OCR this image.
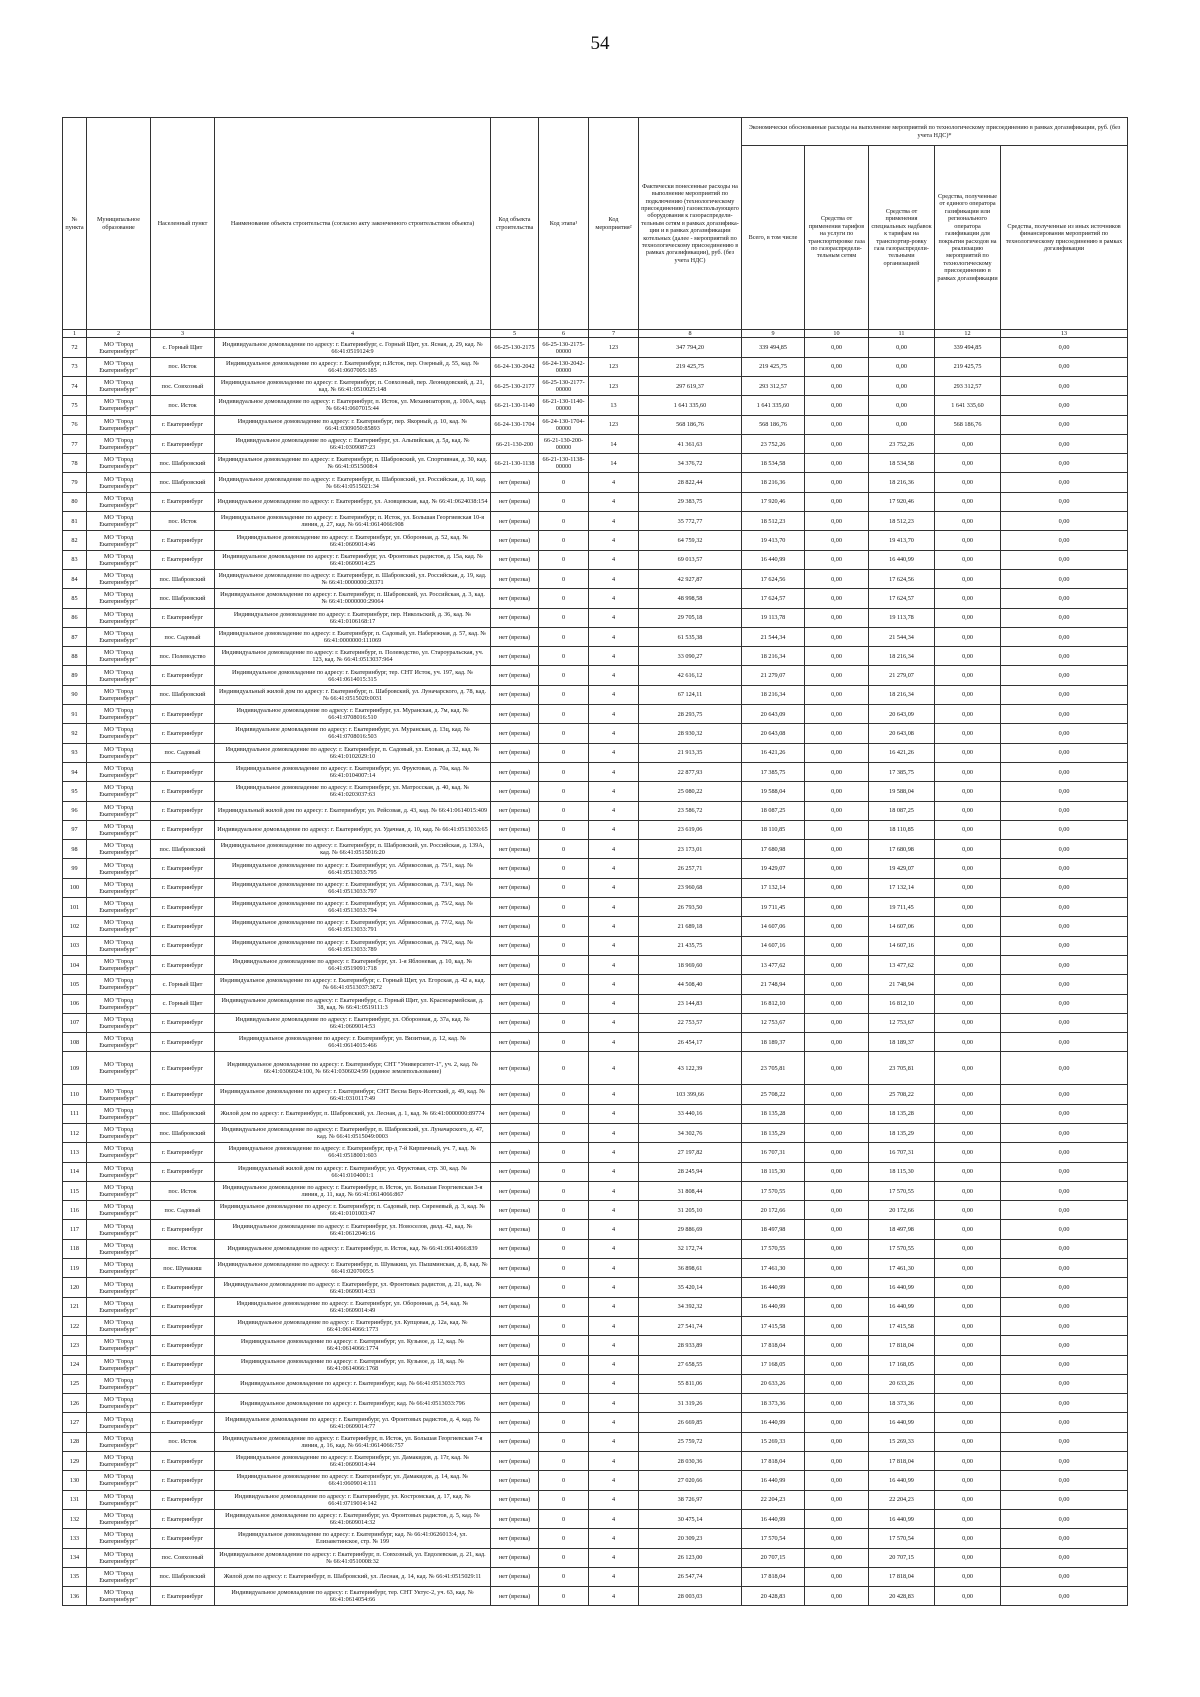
54
№ пункта	Муниципальное образование	Населенный пункт	Наименование объекта строительства (согласно акту законченного строительством объекта)	Код объекта строительства	Код этапа¹	Код мероприятия²	Фактически понесенные расходы на выполнение мероприятий по подключению (технологическому присоединению) газоиспользующего оборудования к газораспредели-тельным сетям в рамках догазифика-ции и в рамках догазификации котельных (далее - мероприятий по технологическому присоединению в рамках догазификации), руб. (без учета НДС)	Экономически обоснованные расходы на выполнение мероприятий по технологическому присоединению в рамках догазификации, руб. (без учета НДС)*				
								Всего, в том числе	Средства от применения тарифов на услуги по транспортировке газа по газораспредели-тельным сетям	Средства от применения специальных надбавок к тарифам на транспортир-ровку газа газораспредели-тельными организацией	Средства, полученные от единого оператора газификации или регионального оператора газификации для покрытия расходов на реализацию мероприятий по технологическому присоединению в рамках догазификации	Средства, полученные из иных источников финансирования мероприятий по технологическому присоединению в рамках догазификации
1	2	3	4	5	6	7	8	9	10	11	12	13
72	МО "Город Екатеринбург"	с. Горный Щит	Индивидуальное домовладение по адресу: г. Екатеринбург, с. Горный Щит, ул. Ясная, д. 29, кад. № 66:41:0519124:9	66-25-130-2175	66-25-130-2175-00000	123	347 794,20	339 494,85	0,00	0,00	339 494,85	0,00
73	МО "Город Екатеринбург"	пос. Исток	Индивидуальное домовладение по адресу: г. Екатеринбург, п.Исток, пер. Озерный, д. 55, кад. № 66:41:0607005:185	66-24-130-2042	66-24-130-2042-00000	123	219 425,75	219 425,75	0,00	0,00	219 425,75	0,00
74	МО "Город Екатеринбург"	пос. Совхозный	Индивидуальное домовладение по адресу: г. Екатеринбург, п. Совхозный, пер. Леонидовский, д. 21, кад. № 66:41:0510025:148	66-25-130-2177	66-25-130-2177-00000	123	297 619,37	293 312,57	0,00	0,00	293 312,57	0,00
75	МО "Город Екатеринбург"	пос. Исток	Индивидуальное домовладение по адресу: г. Екатеринбург, п. Исток, ул. Механизаторов, д. 100А, кад. № 66:41:0607015:44	66-21-130-1140	66-21-130-1140-00000	13	1 641 335,60	1 641 335,60	0,00	0,00	1 641 335,60	0,00
76	МО "Город Екатеринбург"	г. Екатеринбург	Индивидуальное домовладение по адресу: г. Екатеринбург, пер. Якорный, д. 10, кад. № 66:41:0309050:85893	66-24-130-1704	66-24-130-1704-00000	123	568 186,76	568 186,76	0,00	0,00	568 186,76	0,00
77	МО "Город Екатеринбург"	г. Екатеринбург	Индивидуальное домовладение по адресу: г. Екатеринбург, ул. Альпийская, д. 5д, кад. № 66:41:0309087:23	66-21-130-200	66-21-130-200-00000	14	41 361,63	23 752,26	0,00	23 752,26	0,00	0,00
78	МО "Город Екатеринбург"	пос. Шабровский	Индивидуальное домовладение по адресу: г. Екатеринбург, п. Шабровский, ул. Спортивная, д. 30, кад. № 66:41:0515008:4	66-21-130-1138	66-21-130-1138-00000	14	34 376,72	18 534,58	0,00	18 534,58	0,00	0,00
79	МО "Город Екатеринбург"	пос. Шабровский	Индивидуальное домовладение по адресу: г. Екатеринбург, п. Шабровский, ул. Российская, д. 10, кад. № 66:41:0515021:34	нет (врезка)	0	4	28 822,44	18 216,36	0,00	18 216,36	0,00	0,00
80	МО "Город Екатеринбург"	г. Екатеринбург	Индивидуальное домовладение по адресу: г. Екатеринбург, ул. Азовцевская, кад. № 66:41:0624038:154	нет (врезка)	0	4	29 383,75	17 920,46	0,00	17 920,46	0,00	0,00
81	МО "Город Екатеринбург"	пос. Исток	Индивидуальное домовладение по адресу: г. Екатеринбург, п. Исток, ул. Большая Георгиевская 10-я линия, д. 27, кад. № 66:41:0614066:908	нет (врезка)	0	4	35 772,77	18 512,23	0,00	18 512,23	0,00	0,00
82	МО "Город Екатеринбург"	г. Екатеринбург	Индивидуальное домовладение по адресу: г. Екатеринбург, ул. Оборонная, д. 52, кад. № 66:41:0609014:46	нет (врезка)	0	4	64 759,32	19 413,70	0,00	19 413,70	0,00	0,00
83	МО "Город Екатеринбург"	г. Екатеринбург	Индивидуальное домовладение по адресу: г. Екатеринбург, ул. Фронтовых радистов, д. 15а, кад. № 66:41:0609014:25	нет (врезка)	0	4	69 013,57	16 440,99	0,00	16 440,99	0,00	0,00
84	МО "Город Екатеринбург"	пос. Шабровский	Индивидуальное домовладение по адресу: г. Екатеринбург, п. Шабровский, ул. Российская, д. 19, кад. № 66:41:0000000:20371	нет (врезка)	0	4	42 927,87	17 624,56	0,00	17 624,56	0,00	0,00
85	МО "Город Екатеринбург"	пос. Шабровский	Индивидуальное домовладение по адресу: г. Екатеринбург, п. Шабровский, ул. Российская, д. 3, кад. № 66:41:0000000:29064	нет (врезка)	0	4	48 998,58	17 624,57	0,00	17 624,57	0,00	0,00
86	МО "Город Екатеринбург"	г. Екатеринбург	Индивидуальное домовладение по адресу: г. Екатеринбург, пер. Никольский, д. 36, кад. № 66:41:0106168:17	нет (врезка)	0	4	29 705,18	19 113,78	0,00	19 113,78	0,00	0,00
87	МО "Город Екатеринбург"	пос. Садовый	Индивидуальное домовладение по адресу: г. Екатеринбург, п. Садовый, ул. Набережная, д. 57, кад. № 66:41:0000000:111069	нет (врезка)	0	4	61 535,38	21 544,34	0,00	21 544,34	0,00	0,00
88	МО "Город Екатеринбург"	пос. Полеводство	Индивидуальное домовладение по адресу: г. Екатеринбург, п. Полеводство, ул. Староуральская, уч. 123, кад. № 66:41:0513037:964	нет (врезка)	0	4	33 090,27	18 216,34	0,00	18 216,34	0,00	0,00
89	МО "Город Екатеринбург"	г. Екатеринбург	Индивидуальное домовладение по адресу: г. Екатеринбург, тер. СНТ Исток, уч. 197, кад. № 66:41:0614015:315	нет (врезка)	0	4	42 616,12	21 279,07	0,00	21 279,07	0,00	0,00
90	МО "Город Екатеринбург"	пос. Шабровский	Индивидуальный жилой дом по адресу: г. Екатеринбург, п. Шабровский, ул. Луначарского, д. 78, кад. № 66:41:0515020:0031	нет (врезка)	0	4	67 124,11	18 216,34	0,00	18 216,34	0,00	0,00
91	МО "Город Екатеринбург"	г. Екатеринбург	Индивидуальное домовладение по адресу: г. Екатеринбург, ул. Муранская, д. 7м, кад. № 66:41:0708016:510	нет (врезка)	0	4	28 293,75	20 643,09	0,00	20 643,09	0,00	0,00
92	МО "Город Екатеринбург"	г. Екатеринбург	Индивидуальное домовладение по адресу: г. Екатеринбург, ул. Муранская, д. 13ц, кад. № 66:41:0708016:503	нет (врезка)	0	4	28 930,32	20 643,08	0,00	20 643,08	0,00	0,00
93	МО "Город Екатеринбург"	пос. Садовый	Индивидуальное домовладение по адресу: г. Екатеринбург, п. Садовый, ул. Еловая, д. 32, кад. № 66:41:0102029:10	нет (врезка)	0	4	21 913,35	16 421,26	0,00	16 421,26	0,00	0,00
94	МО "Город Екатеринбург"	г. Екатеринбург	Индивидуальное домовладение по адресу: г. Екатеринбург, ул. Фруктовая, д. 70а, кад. № 66:41:0104007:14	нет (врезка)	0	4	22 877,93	17 385,75	0,00	17 385,75	0,00	0,00
95	МО "Город Екатеринбург"	г. Екатеринбург	Индивидуальное домовладение по адресу: г. Екатеринбург, ул. Матросская, д. 40, кад. № 66:41:0203037:63	нет (врезка)	0	4	25 080,22	19 588,04	0,00	19 588,04	0,00	0,00
96	МО "Город Екатеринбург"	г. Екатеринбург	Индивидуальный жилой дом по адресу: г. Екатеринбург, ул. Рейсовая, д. 43, кад. № 66:41:0614015:409	нет (врезка)	0	4	23 586,72	18 087,25	0,00	18 087,25	0,00	0,00
97	МО "Город Екатеринбург"	г. Екатеринбург	Индивидуальное домовладение по адресу: г. Екатеринбург, ул. Удачная, д. 10, кад. № 66:41:0513033:65	нет (врезка)	0	4	23 619,06	18 110,85	0,00	18 110,85	0,00	0,00
98	МО "Город Екатеринбург"	пос. Шабровский	Индивидуальное домовладение по адресу: г. Екатеринбург, п. Шабровский, ул. Российская, д. 139А, кад. № 66:41:0515016:20	нет (врезка)	0	4	23 173,01	17 680,98	0,00	17 680,98	0,00	0,00
99	МО "Город Екатеринбург"	г. Екатеринбург	Индивидуальное домовладение по адресу: г. Екатеринбург, ул. Абрикосовая, д. 75/1, кад. № 66:41:0513033:795	нет (врезка)	0	4	26 257,71	19 429,07	0,00	19 429,07	0,00	0,00
100	МО "Город Екатеринбург"	г. Екатеринбург	Индивидуальное домовладение по адресу: г. Екатеринбург, ул. Абрикосовая, д. 73/1, кад. № 66:41:0513033:797	нет (врезка)	0	4	23 960,68	17 132,14	0,00	17 132,14	0,00	0,00
101	МО "Город Екатеринбург"	г. Екатеринбург	Индивидуальное домовладение по адресу: г. Екатеринбург, ул. Абрикосовая, д. 75/2, кад. № 66:41:0513033:794	нет (врезка)	0	4	26 793,50	19 711,45	0,00	19 711,45	0,00	0,00
102	МО "Город Екатеринбург"	г. Екатеринбург	Индивидуальное домовладение по адресу: г. Екатеринбург, ул. Абрикосовая, д. 77/2, кад. № 66:41:0513033:791	нет (врезка)	0	4	21 689,18	14 607,06	0,00	14 607,06	0,00	0,00
103	МО "Город Екатеринбург"	г. Екатеринбург	Индивидуальное домовладение по адресу: г. Екатеринбург, ул. Абрикосовая, д. 79/2, кад. № 66:41:0513033:789	нет (врезка)	0	4	21 435,75	14 607,16	0,00	14 607,16	0,00	0,00
104	МО "Город Екатеринбург"	г. Екатеринбург	Индивидуальное домовладение по адресу: г. Екатеринбург, ул. 1-я Яблоневая, д. 10, кад. № 66:41:0519091:718	нет (врезка)	0	4	18 969,60	13 477,62	0,00	13 477,62	0,00	0,00
105	МО "Город Екатеринбург"	с. Горный Щит	Индивидуальное домовладение по адресу: г. Екатеринбург, с. Горный Щит, ул. Егорская, д. 42 а, кад. № 66:41:0513037:3872	нет (врезка)	0	4	44 508,40	21 748,94	0,00	21 748,94	0,00	0,00
106	МО "Город Екатеринбург"	с. Горный Щит	Индивидуальное домовладение по адресу: г. Екатеринбург, с. Горный Щит, ул. Красноармейская, д. 38, кад. № 66:41:0519111:3	нет (врезка)	0	4	23 144,83	16 812,10	0,00	16 812,10	0,00	0,00
107	МО "Город Екатеринбург"	г. Екатеринбург	Индивидуальное домовладение по адресу: г. Екатеринбург, ул. Оборонная, д. 37а, кад. № 66:41:0609014:53	нет (врезка)	0	4	22 753,57	12 753,67	0,00	12 753,67	0,00	0,00
108	МО "Город Екатеринбург"	г. Екатеринбург	Индивидуальное домовладение по адресу: г. Екатеринбург, ул. Визитная, д. 12, кад. № 66:41:0614015:466	нет (врезка)	0	4	26 454,17	18 189,37	0,00	18 189,37	0,00	0,00
109	МО "Город Екатеринбург"	г. Екатеринбург	Индивидуальное домовладение по адресу: г. Екатеринбург, СНТ "Университет-1", уч. 2, кад. № 66:41:0306024:100, № 66:41:0306024:99 (единое землепользование)	нет (врезка)	0	4	43 122,39	23 705,81	0,00	23 705,81	0,00	0,00
110	МО "Город Екатеринбург"	г. Екатеринбург	Индивидуальное домовладение по адресу: г. Екатеринбург, СНТ Весна Верх-Исетский, д. 49, кад. № 66:41:0310117:49	нет (врезка)	0	4	103 399,66	25 708,22	0,00	25 708,22	0,00	0,00
111	МО "Город Екатеринбург"	пос. Шабровский	Жилой дом по адресу: г. Екатеринбург, п. Шабровский, ул. Лесная, д. 1, кад. № 66:41:0000000:89774	нет (врезка)	0	4	33 440,16	18 135,28	0,00	18 135,28	0,00	0,00
112	МО "Город Екатеринбург"	пос. Шабровский	Индивидуальное домовладение по адресу: г. Екатеринбург, п. Шабровский, ул. Луначарского, д. 47, кад. № 66:41:0515049:0003	нет (врезка)	0	4	34 302,76	18 135,29	0,00	18 135,29	0,00	0,00
113	МО "Город Екатеринбург"	г. Екатеринбург	Индивидуальное домовладение по адресу: г. Екатеринбург, пр-д 7-й Кирпичный, уч. 7, кад. № 66:41:0518001:603	нет (врезка)	0	4	27 197,82	16 707,31	0,00	16 707,31	0,00	0,00
114	МО "Город Екатеринбург"	г. Екатеринбург	Индивидуальный жилой дом по адресу: г. Екатеринбург, ул. Фруктовая, стр. 30, кад. № 66:41:0104001:1	нет (врезка)	0	4	28 245,94	18 115,30	0,00	18 115,30	0,00	0,00
115	МО "Город Екатеринбург"	пос. Исток	Индивидуальное домовладение по адресу: г. Екатеринбург, п. Исток, ул. Большая Георгиевская 3-я линия, д. 11, кад. № 66:41:0614066:867	нет (врезка)	0	4	31 808,44	17 570,55	0,00	17 570,55	0,00	0,00
116	МО "Город Екатеринбург"	пос. Садовый	Индивидуальное домовладение по адресу: г. Екатеринбург, п. Садовый, пер. Сиреневый, д. 3, кад. № 66:41:0101003:47	нет (врезка)	0	4	31 205,10	20 172,66	0,00	20 172,66	0,00	0,00
117	МО "Город Екатеринбург"	г. Екатеринбург	Индивидуальное домовладение по адресу: г. Екатеринбург, ул. Новоселов, двлд. 42, кад. № 66:41:0612046:16	нет (врезка)	0	4	29 886,69	18 497,98	0,00	18 497,98	0,00	0,00
118	МО "Город Екатеринбург"	пос. Исток	Индивидуальное домовладение по адресу: г. Екатеринбург, п. Исток, кад. № 66:41:0614066:839	нет (врезка)	0	4	32 172,74	17 570,55	0,00	17 570,55	0,00	0,00
119	МО "Город Екатеринбург"	пос. Шувакиш	Индивидуальное домовладение по адресу: г. Екатеринбург, п. Шувакиш, ул. Пышминская, д. 8, кад. № 66:41:0207005:5	нет (врезка)	0	4	36 898,61	17 461,30	0,00	17 461,30	0,00	0,00
120	МО "Город Екатеринбург"	г. Екатеринбург	Индивидуальное домовладение по адресу: г. Екатеринбург, ул. Фронтовых радистов, д. 21, кад. № 66:41:0609014:33	нет (врезка)	0	4	35 420,14	16 440,99	0,00	16 440,99	0,00	0,00
121	МО "Город Екатеринбург"	г. Екатеринбург	Индивидуальное домовладение по адресу: г. Екатеринбург, ул. Оборонная, д. 54, кад. № 66:41:0609014:49	нет (врезка)	0	4	34 392,32	16 440,99	0,00	16 440,99	0,00	0,00
122	МО "Город Екатеринбург"	г. Екатеринбург	Индивидуальное домовладение по адресу: г. Екатеринбург, ул. Купцовая, д. 12а, кад. № 66:41:0614066:1773	нет (врезка)	0	4	27 541,74	17 415,58	0,00	17 415,58	0,00	0,00
123	МО "Город Екатеринбург"	г. Екатеринбург	Индивидуальное домовладение по адресу: г. Екатеринбург, ул. Кузьвое, д. 12, кад. № 66:41:0614066:1774	нет (врезка)	0	4	28 933,89	17 818,04	0,00	17 818,04	0,00	0,00
124	МО "Город Екатеринбург"	г. Екатеринбург	Индивидуальное домовладение по адресу: г. Екатеринбург, ул. Кузьвое, д. 18, кад. № 66:41:0614066:1768	нет (врезка)	0	4	27 658,55	17 168,05	0,00	17 168,05	0,00	0,00
125	МО "Город Екатеринбург"	г. Екатеринбург	Индивидуальное домовладение по адресу: г. Екатеринбург, кад. № 66:41:0513033:793	нет (врезка)	0	4	55 811,06	20 633,26	0,00	20 633,26	0,00	0,00
126	МО "Город Екатеринбург"	г. Екатеринбург	Индивидуальное домовладение по адресу: г. Екатеринбург, кад. № 66:41:0513033:796	нет (врезка)	0	4	31 319,26	18 373,36	0,00	18 373,36	0,00	0,00
127	МО "Город Екатеринбург"	г. Екатеринбург	Индивидуальное домовладение по адресу: г. Екатеринбург, ул. Фронтовых радистов, д. 4, кад. № 66:41:0609014:77	нет (врезка)	0	4	26 669,85	16 440,99	0,00	16 440,99	0,00	0,00
128	МО "Город Екатеринбург"	пос. Исток	Индивидуальное домовладение по адресу: г. Екатеринбург, п. Исток, ул. Большая Георгиевская 7-я линия, д. 16, кад. № 66:41:0614066:757	нет (врезка)	0	4	25 759,72	15 269,33	0,00	15 269,33	0,00	0,00
129	МО "Город Екатеринбург"	г. Екатеринбург	Индивидуальное домовладение по адресу: г. Екатеринбург, ул. Дамакидов, д. 17г, кад. № 66:41:0609014:44	нет (врезка)	0	4	28 030,36	17 818,04	0,00	17 818,04	0,00	0,00
130	МО "Город Екатеринбург"	г. Екатеринбург	Индивидуальное домовладение по адресу: г. Екатеринбург, ул. Дамакидов, д. 14, кад. № 66:41:0609014:111	нет (врезка)	0	4	27 020,66	16 440,99	0,00	16 440,99	0,00	0,00
131	МО "Город Екатеринбург"	г. Екатеринбург	Индивидуальное домовладение по адресу: г. Екатеринбург, ул. Костромская, д. 17, кад. № 66:41:0719014:142	нет (врезка)	0	4	38 726,97	22 204,23	0,00	22 204,23	0,00	0,00
132	МО "Город Екатеринбург"	г. Екатеринбург	Индивидуальное домовладение по адресу: г. Екатеринбург, ул. Фронтовых радистов, д. 5, кад. № 66:41:0609014:32	нет (врезка)	0	4	30 475,14	16 440,99	0,00	16 440,99	0,00	0,00
133	МО "Город Екатеринбург"	г. Екатеринбург	Индивидуальное домовладение по адресу: г. Екатеринбург, кад. № 66:41:0626013:4, ул. Елизаветинское, стр. № 199	нет (врезка)	0	4	20 309,23	17 570,54	0,00	17 570,54	0,00	0,00
134	МО "Город Екатеринбург"	пос. Совхозный	Индивидуальное домовладение по адресу: г. Екатеринбург, п. Совхозный, ул. Евдолевская, д. 21, кад. № 66:41:0510008:32	нет (врезка)	0	4	26 123,00	20 707,15	0,00	20 707,15	0,00	0,00
135	МО "Город Екатеринбург"	пос. Шабровский	Жилой дом по адресу: г. Екатеринбург, п. Шабровский, ул. Лесная, д. 14, кад. № 66:41:0515029:11	нет (врезка)	0	4	26 547,74	17 818,04	0,00	17 818,04	0,00	0,00
136	МО "Город Екатеринбург"	г. Екатеринбург	Индивидуальное домовладение по адресу: г. Екатеринбург, тер. СНТ Уктус-2, уч. 63, кад. № 66:41:0614054:66	нет (врезка)	0	4	28 003,03	20 428,83	0,00	20 428,83	0,00	0,00
